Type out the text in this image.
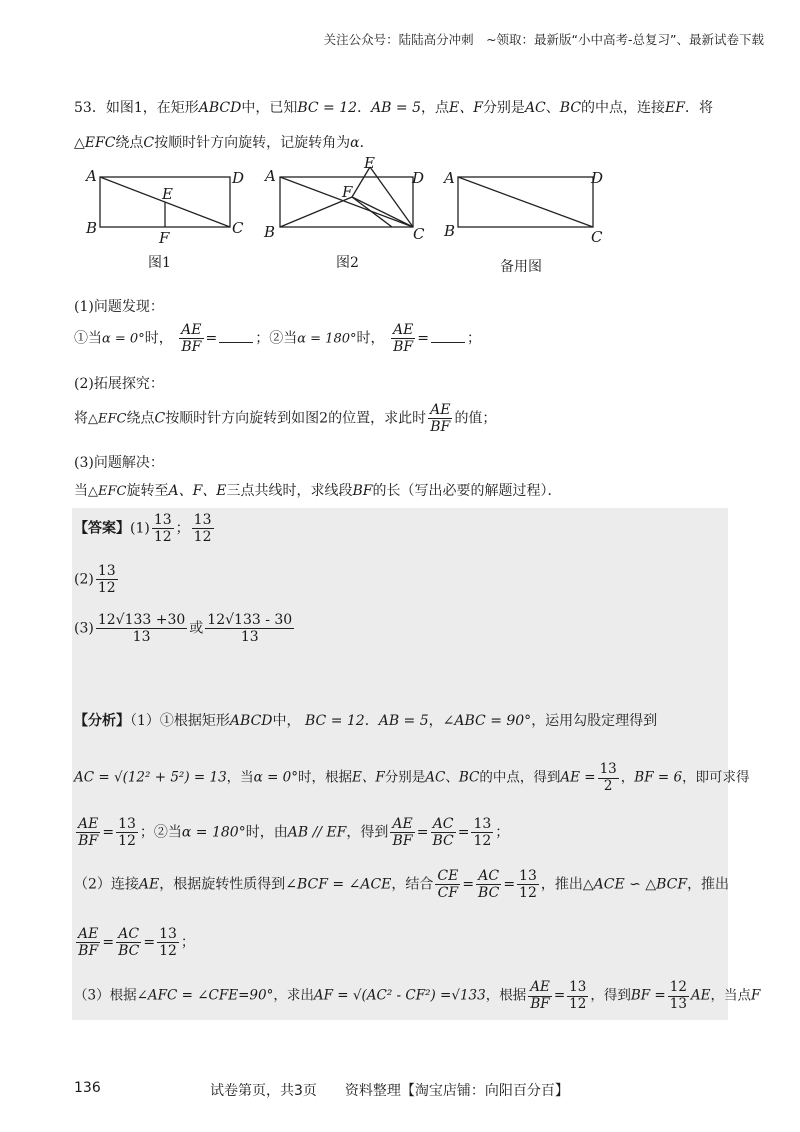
关注公众号：陆陆高分冲刺　~领取：最新版“小中高考-总复习”、最新试卷下载
53．如图1，在矩形ABCD中，已知BC = 12．AB = 5，点E、F分别是AC、BC的中点，连接EF．将
△EFC绕点C按顺时针方向旋转，记旋转角为α．
A
B	C
D
E
F
图1
A
B	C
D
E
F
图2
A
B	C
D
备用图
(1)问题发现：
①当α = 0°时， $\frac{AE}{BF}$ =	；②当α = 180°时， $\frac{AE}{BF}$ =	；
(2)拓展探究：
将△EFC绕点C按顺时针方向旋转到如图2的位置，求此时 $\frac{AE}{BF}$ 的值；
(3)问题解决：
当△EFC旋转至A、F、E三点共线时，求线段BF的长（写出必要的解题过程）．
【答案】$(1) \frac{13}{12}$ ； $\frac{13}{12}$
$(2) \frac{13}{12}$
$(3) \frac{12√133 +30}{13}$ 或 $\frac{12√133 - 30}{13}$
【分析】（1）①根据矩形ABCD中， BC = 12．AB = 5，∠ABC = 90°，运用勾股定理得到
AC = √(12² + 5²) = 13，当α = 0°时，根据E、F分别是AC、BC的中点，得到AE = $\frac{13}{2}$ ，BF = 6，即可求得
$\frac{AE}{BF} = \frac{13}{12}$ ；②当α = 180°时，由AB // EF，得到 $\frac{AE}{BF} = \frac{AC}{BC} = \frac{13}{12}$ ；
（2）连接AE，根据旋转性质得到∠BCF = ∠ACE，结合 $\frac{CE}{CF} = \frac{AC}{BC} = \frac{13}{12}$ ，推出△ACE ∽ △BCF，推出
$\frac{AE}{BF} = \frac{AC}{BC} = \frac{13}{12}$ ；
（3）根据∠AFC = ∠CFE=90°，求出AF = √(AC² - CF²) =√133，根据 $\frac{AE}{BF} = \frac{13}{12}$ ，得到BF = $\frac{12}{13}$ AE，当点F
136	试卷第页，共3页　　资料整理【淘宝店铺：向阳百分百】
